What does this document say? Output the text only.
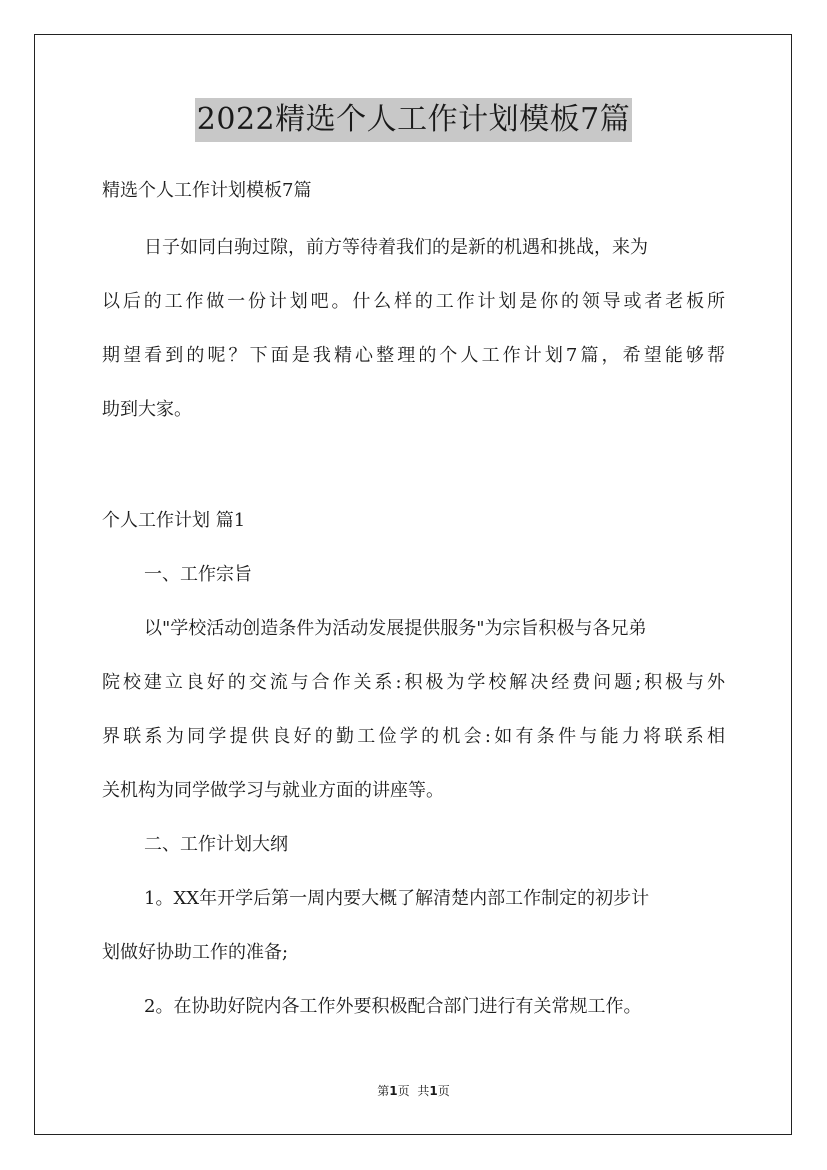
2022精选个人工作计划模板7篇
精选个人工作计划模板7篇
日子如同白驹过隙，前方等待着我们的是新的机遇和挑战，来为
以后的工作做一份计划吧。什么样的工作计划是你的领导或者老板所
期望看到的呢？下面是我精心整理的个人工作计划7篇，希望能够帮
助到大家。
个人工作计划 篇1
一、工作宗旨
以"学校活动创造条件为活动发展提供服务"为宗旨积极与各兄弟
院校建立良好的交流与合作关系:积极为学校解决经费问题;积极与外
界联系为同学提供良好的勤工俭学的机会:如有条件与能力将联系相
关机构为同学做学习与就业方面的讲座等。
二、工作计划大纲
1。XX年开学后第一周内要大概了解清楚内部工作制定的初步计
划做好协助工作的准备;
2。在协助好院内各工作外要积极配合部门进行有关常规工作。
第1页 共1页
